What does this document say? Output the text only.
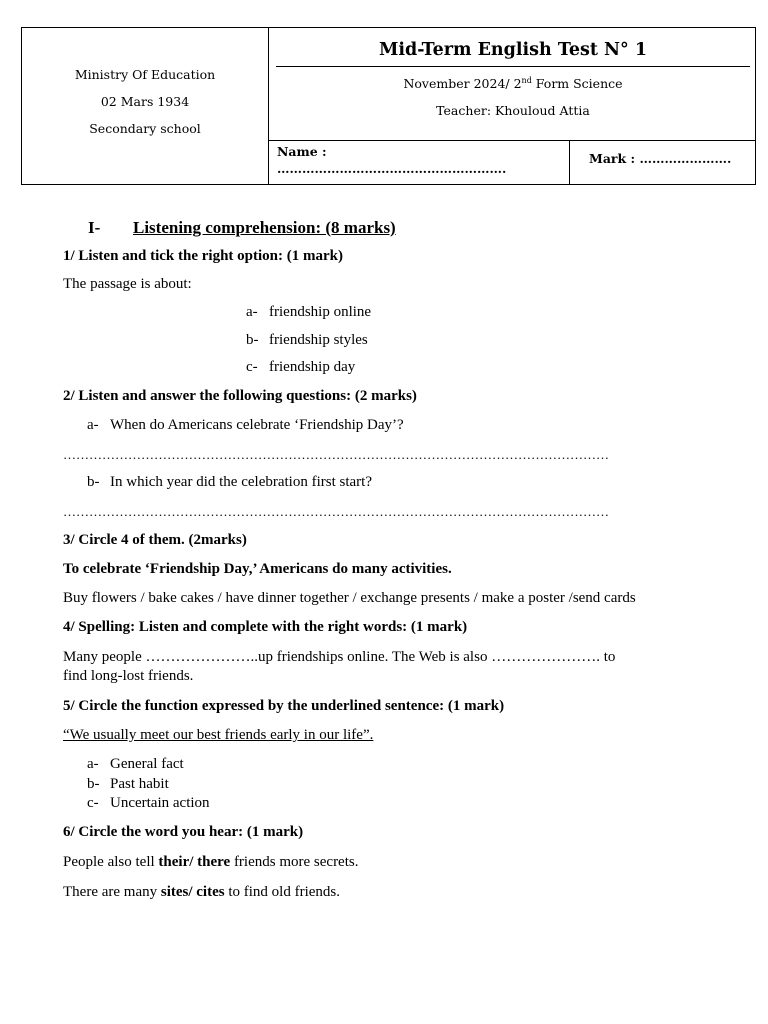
Ministry Of Education
02 Mars 1934
Secondary school
Mid-Term English Test N° 1
November 2024/ 2nd Form Science
Teacher: Khouloud Attia
Name :
……………………………………………….
Mark : ………………….
I- Listening comprehension: (8 marks)
1/ Listen and tick the right option: (1 mark)
The passage is about:
a- friendship online
b- friendship styles
c- friendship day
2/ Listen and answer the following questions: (2 marks)
a- When do Americans celebrate ‘Friendship Day’?
………………………………………………………………………………………………………………
b- In which year did the celebration first start?
………………………………………………………………………………………………………………
3/ Circle 4 of them. (2marks)
To celebrate ‘Friendship Day,’ Americans do many activities.
Buy flowers / bake cakes / have dinner together / exchange presents / make a poster /send cards
4/ Spelling: Listen and complete with the right words: (1 mark)
Many people …………………..up friendships online. The Web is also …………………. to
find long-lost friends.
5/ Circle the function expressed by the underlined sentence: (1 mark)
“We usually meet our best friends early in our life”.
a- General fact
b- Past habit
c- Uncertain action
6/ Circle the word you hear: (1 mark)
People also tell their/ there friends more secrets.
There are many sites/ cites to find old friends.
